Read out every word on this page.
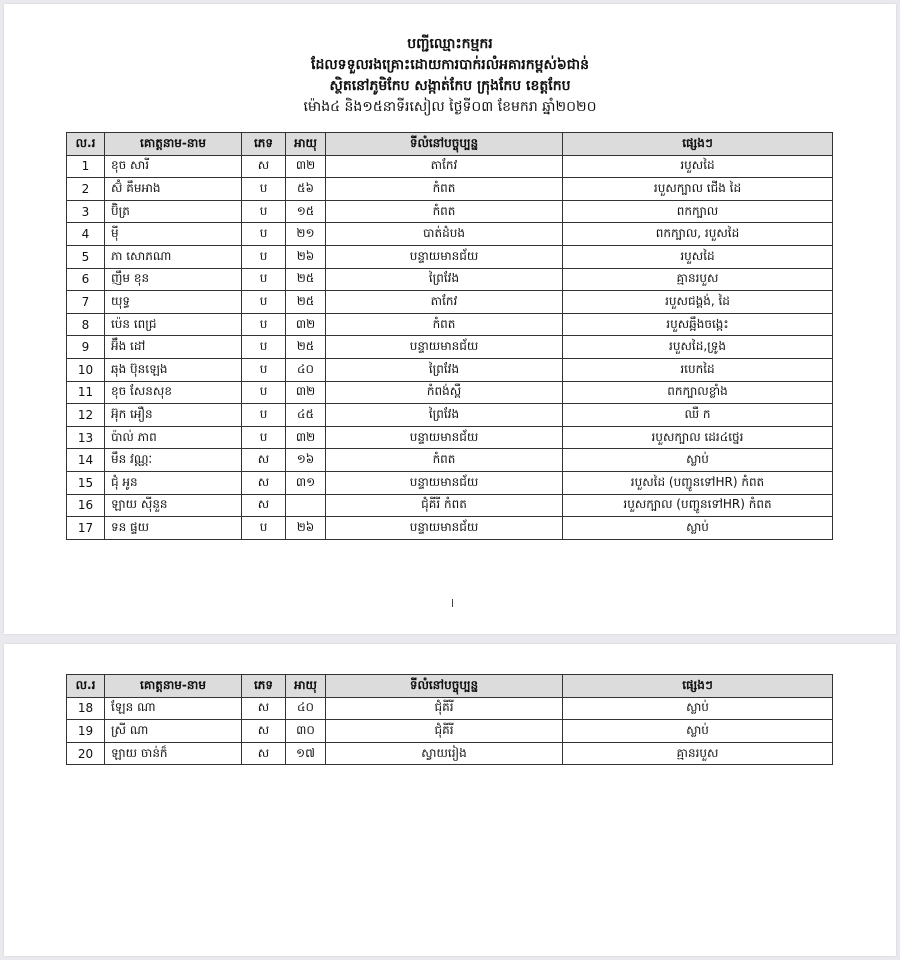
បញ្ជីឈ្មោះកម្មករ
ដែលទទួលរងគ្រោះដោយការបាក់រលំអគារកម្ពស់៦ជាន់
ស្ថិតនៅភូមិកែប សង្កាត់កែប ក្រុងកែប ខេត្តកែប
ម៉ោង៤ និង១៥នាទីរសៀល ថ្ងៃទី០៣ ខែមករា ឆ្នាំ២០២០
ល.រ	គោត្តនាម-នាម	ភេទ	អាយុ	ទីលំនៅបច្ចុប្បន្ន	ផ្សេងៗ
1	ខុច សារី	ស	៣២	តាកែវ	របួសដៃ
2	ស៊ំ គឹមអាង	ប	៥៦	កំពត	របួសក្បាល ជើង ដៃ
3	ប៊ិត្រ	ប	១៥	កំពត	ពកក្បាល
4	ម៉ី	ប	២១	បាត់ដំបង	ពកក្បាល, របួសដៃ
5	ភា សោភណា	ប	២៦	បន្ទាយមានជ័យ	របួសដៃ
6	ញឹម ខុន	ប	២៥	ព្រៃវែង	គ្មានរបួស
7	យុទ្ធ	ប	២៥	តាកែវ	របួសជង្គង់, ដៃ
8	ប៉េន ពេជ្រ	ប	៣២	កំពត	របួសឆ្អឹងចង្កេះ
9	អ៊ឹង ដៅ	ប	២៥	បន្ទាយមានជ័យ	របួសដៃ,ទ្រូង
10	ឆុង ប៊ុនឡេង	ប	៤០	ព្រៃវែង	របេកដៃ
11	ខុច សែនសុខ	ប	៣២	កំពង់ស្ពឺ	ពកក្បាលខ្លាំង
12	អ៊ុក អឿន	ប	៤៥	ព្រៃវែង	ឈឺ ក
13	ប៉ាល់ ភាព	ប	៣២	បន្ទាយមានជ័យ	របួសក្បាល ដេរ៤ថ្នេរ
14	មឹន វណ្ណៈ	ស	១៦	កំពត	ស្លាប់
15	ជុំ អូន	ស	៣១	បន្ទាយមានជ័យ	របួសដៃ (បញ្ជូនទៅHR) កំពត
16	ឡាយ ស៊ីនួន	ស		ជុំគីរី កំពត	របួសក្បាល (បញ្ជូនទៅHR) កំពត
17	ទន ផ្ទយ	ប	២៦	បន្ទាយមានជ័យ	ស្លាប់
ល.រ	គោត្តនាម-នាម	ភេទ	អាយុ	ទីលំនៅបច្ចុប្បន្ន	ផ្សេងៗ
18	ឡែន ណា	ស	៤០	ជុំគីរី	ស្លាប់
19	ស្រី ណា	ស	៣០	ជុំគីរី	ស្លាប់
20	ឡាយ ចាន់ក៏	ស	១៧	ស្វាយរៀង	គ្មានរបួស
